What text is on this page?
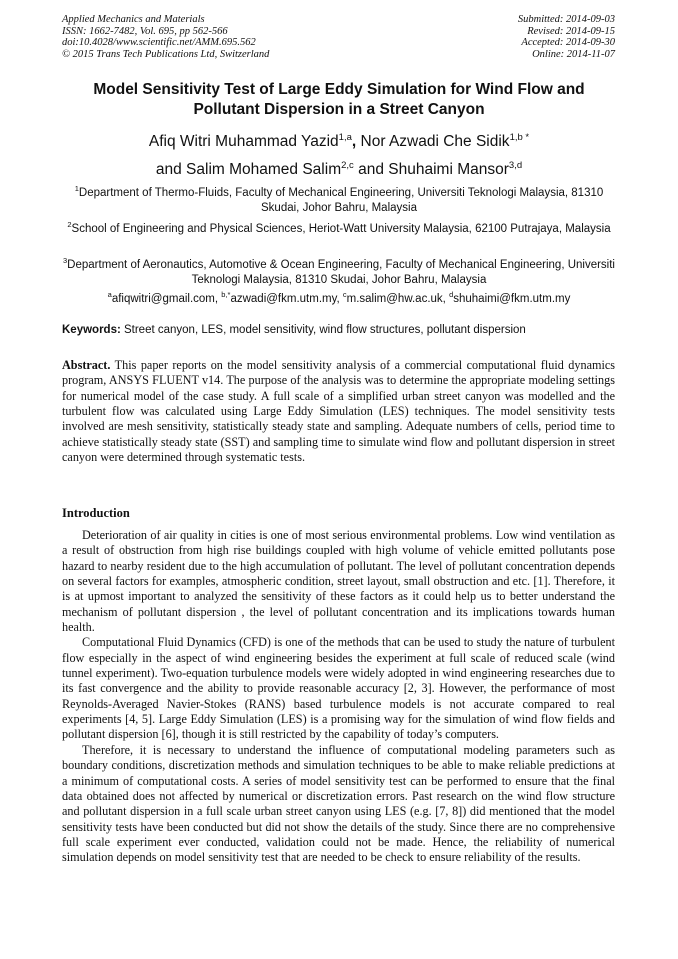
Applied Mechanics and Materials
ISSN: 1662-7482, Vol. 695, pp 562-566
doi:10.4028/www.scientific.net/AMM.695.562
© 2015 Trans Tech Publications Ltd, Switzerland
Submitted: 2014-09-03
Revised: 2014-09-15
Accepted: 2014-09-30
Online: 2014-11-07
Model Sensitivity Test of Large Eddy Simulation for Wind Flow and
Pollutant Dispersion in a Street Canyon
Afiq Witri Muhammad Yazid$^{1,a}$, Nor Azwadi Che Sidik$^{1,b *}$
and Salim Mohamed Salim$^{2,c}$ and Shuhaimi Mansor$^{3,d}$
$^1$Department of Thermo-Fluids, Faculty of Mechanical Engineering, Universiti Teknologi Malaysia, 81310 Skudai, Johor Bahru, Malaysia
$^2$School of Engineering and Physical Sciences, Heriot-Watt University Malaysia, 62100 Putrajaya, Malaysia
$^3$Department of Aeronautics, Automotive & Ocean Engineering, Faculty of Mechanical Engineering, Universiti Teknologi Malaysia, 81310 Skudai, Johor Bahru, Malaysia
$^a$afiqwitri@gmail.com, $^{b,*}$azwadi@fkm.utm.my, $^c$m.salim@hw.ac.uk, $^d$shuhaimi@fkm.utm.my
Keywords: Street canyon, LES, model sensitivity, wind flow structures, pollutant dispersion

Abstract. This paper reports on the model sensitivity analysis of a commercial computational fluid dynamics program, ANSYS FLUENT v14. The purpose of the analysis was to determine the appropriate modeling settings for numerical model of the case study. A full scale of a simplified urban street canyon was modelled and the turbulent flow was calculated using Large Eddy Simulation (LES) techniques. The model sensitivity tests involved are mesh sensitivity, statistically steady state and sampling. Adequate numbers of cells, period time to achieve statistically steady state (SST) and sampling time to simulate wind flow and pollutant dispersion in street canyon were determined through systematic tests.

Introduction

Deterioration of air quality in cities is one of most serious environmental problems. Low wind ventilation as a result of obstruction from high rise buildings coupled with high volume of vehicle emitted pollutants pose hazard to nearby resident due to the high accumulation of pollutant. The level of pollutant concentration depends on several factors for examples, atmospheric condition, street layout, small obstruction and etc. [1]. Therefore, it is at upmost important to analyzed the sensitivity of these factors as it could help us to better understand the mechanism of pollutant dispersion , the level of pollutant concentration and its implications towards human health.

Computational Fluid Dynamics (CFD) is one of the methods that can be used to study the nature of turbulent flow especially in the aspect of wind engineering besides the experiment at full scale of reduced scale (wind tunnel experiment). Two-equation turbulence models were widely adopted in wind engineering researches due to its fast convergence and the ability to provide reasonable accuracy [2, 3]. However, the performance of most Reynolds-Averaged Navier-Stokes (RANS) based turbulence models is not accurate compared to real experiments [4, 5]. Large Eddy Simulation (LES) is a promising way for the simulation of wind flow fields and pollutant dispersion [6], though it is still restricted by the capability of today’s computers.

Therefore, it is necessary to understand the influence of computational modeling parameters such as boundary conditions, discretization methods and simulation techniques to be able to make reliable predictions at a minimum of computational costs. A series of model sensitivity test can be performed to ensure that the final data obtained does not affected by numerical or discretization errors. Past research on the wind flow structure and pollutant dispersion in a full scale urban street canyon using LES (e.g. [7, 8]) did mentioned that the model sensitivity tests have been conducted but did not show the details of the study. Since there are no comprehensive full scale experiment ever conducted, validation could not be made. Hence, the reliability of numerical simulation depends on model sensitivity test that are needed to be check to ensure reliability of the results.
